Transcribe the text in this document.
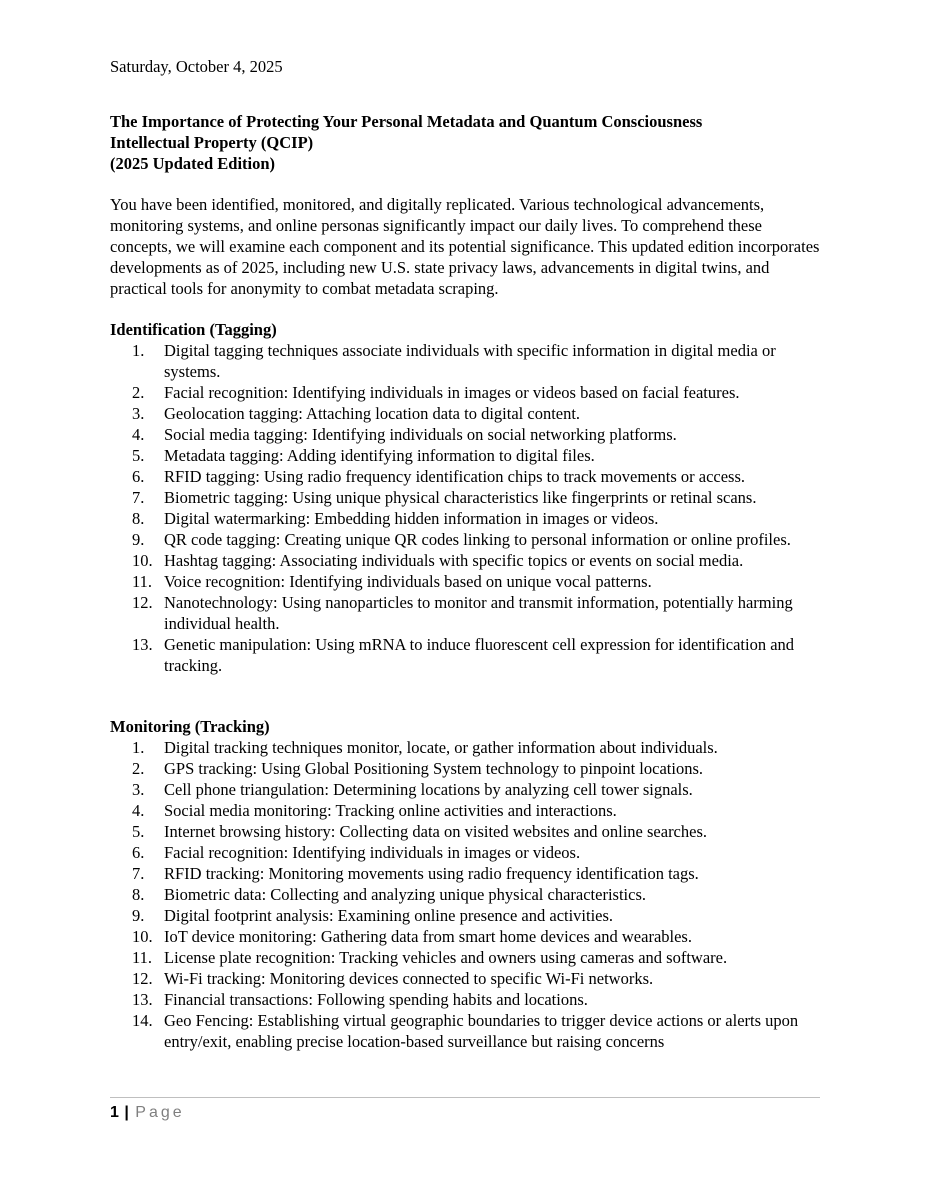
Saturday, October 4, 2025
The Importance of Protecting Your Personal Metadata and Quantum Consciousness
Intellectual Property (QCIP)
(2025 Updated Edition)

You have been identified, monitored, and digitally replicated. Various technological advancements, monitoring systems, and online personas significantly impact our daily lives. To comprehend these concepts, we will examine each component and its potential significance. This updated edition incorporates developments as of 2025, including new U.S. state privacy laws, advancements in digital twins, and practical tools for anonymity to combat metadata scraping.

Identification (Tagging)
1.	Digital tagging techniques associate individuals with specific information in digital media or systems.
2.	Facial recognition: Identifying individuals in images or videos based on facial features.
3.	Geolocation tagging: Attaching location data to digital content.
4.	Social media tagging: Identifying individuals on social networking platforms.
5.	Metadata tagging: Adding identifying information to digital files.
6.	RFID tagging: Using radio frequency identification chips to track movements or access.
7.	Biometric tagging: Using unique physical characteristics like fingerprints or retinal scans.
8.	Digital watermarking: Embedding hidden information in images or videos.
9.	QR code tagging: Creating unique QR codes linking to personal information or online profiles.
10. Hashtag tagging: Associating individuals with specific topics or events on social media.
11. Voice recognition: Identifying individuals based on unique vocal patterns.
12. Nanotechnology: Using nanoparticles to monitor and transmit information, potentially harming individual health.
13. Genetic manipulation: Using mRNA to induce fluorescent cell expression for identification and tracking.
Monitoring (Tracking)
1.	Digital tracking techniques monitor, locate, or gather information about individuals.
2.	GPS tracking: Using Global Positioning System technology to pinpoint locations.
3.	Cell phone triangulation: Determining locations by analyzing cell tower signals.
4.	Social media monitoring: Tracking online activities and interactions.
5.	Internet browsing history: Collecting data on visited websites and online searches.
6.	Facial recognition: Identifying individuals in images or videos.
7.	RFID tracking: Monitoring movements using radio frequency identification tags.
8.	Biometric data: Collecting and analyzing unique physical characteristics.
9.	Digital footprint analysis: Examining online presence and activities.
10. IoT device monitoring: Gathering data from smart home devices and wearables.
11. License plate recognition: Tracking vehicles and owners using cameras and software.
12. Wi-Fi tracking: Monitoring devices connected to specific Wi-Fi networks.
13. Financial transactions: Following spending habits and locations.
14. Geo Fencing: Establishing virtual geographic boundaries to trigger device actions or alerts upon entry/exit, enabling precise location-based surveillance but raising concerns
1 | Page
